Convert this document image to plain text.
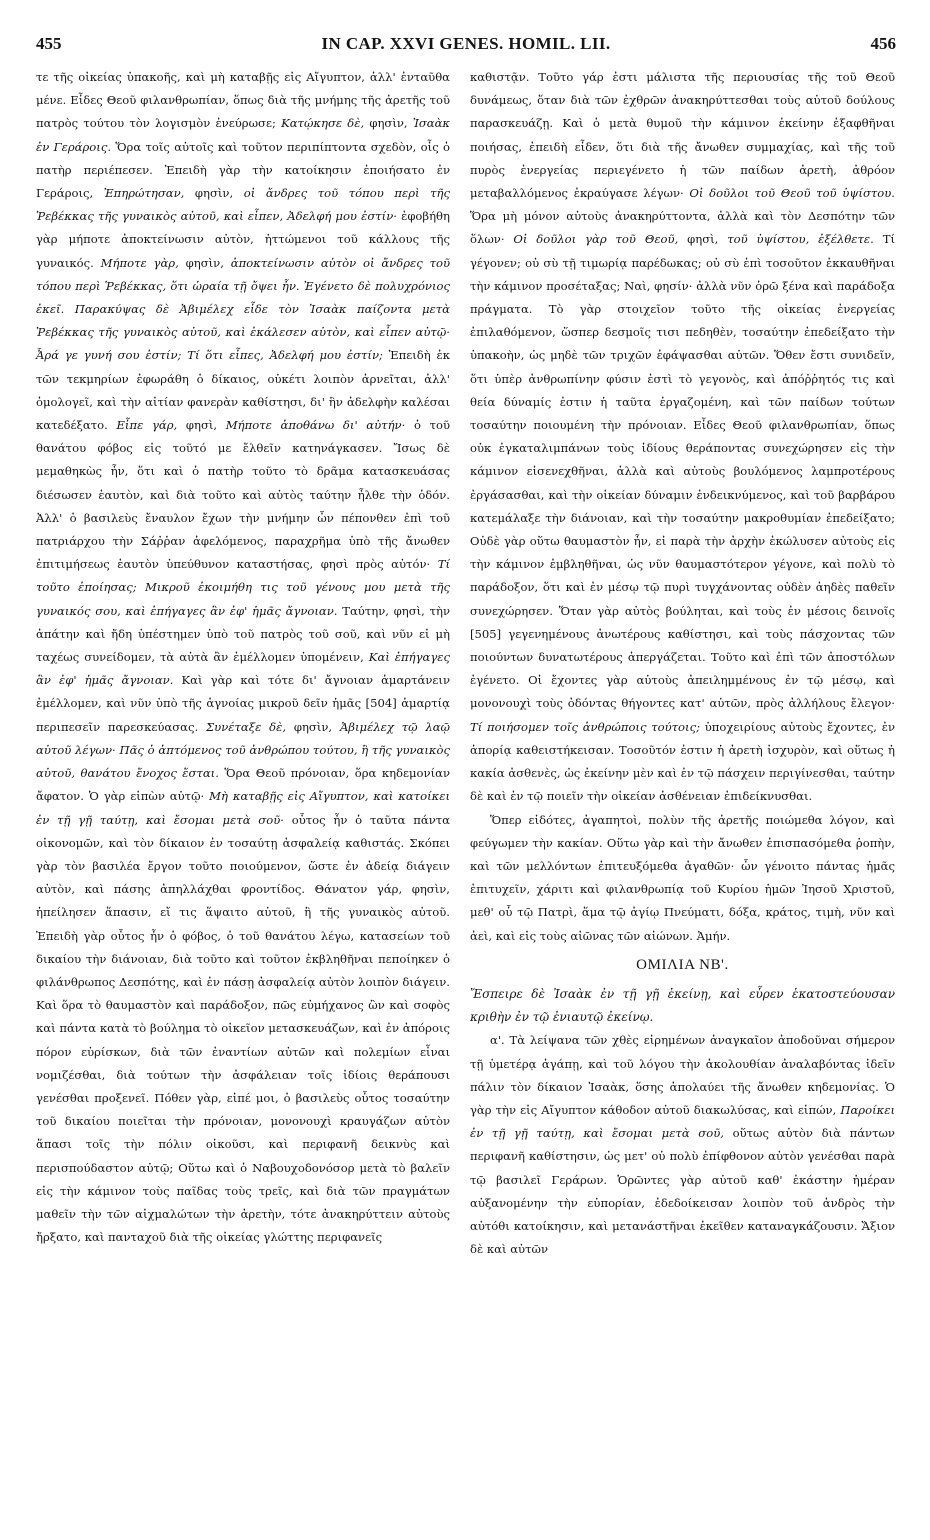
455	IN CAP. XXVI GENES. HOMIL. LII.	456

τε τῆς οἰκείας ὑπακοῆς, καὶ μὴ καταβῇς εἰς Αἴγυπτον, ἀλλ' ἐνταῦθα μένε. Εἶδες Θεοῦ φιλανθρωπίαν, ὅπως διὰ τῆς μνήμης τῆς ἀρετῆς τοῦ πατρὸς τούτου τὸν λογισμὸν ἐνεύρωσε; Κατῴκησε δὲ, φησὶν, Ἰσαὰκ ἐν Γεράροις. Ὅρα τοῖς αὐτοῖς καὶ τοῦτον περιπίπτοντα σχεδὸν, οἷς ὁ πατὴρ περιέπεσεν. Ἐπειδὴ γὰρ τὴν κατοίκησιν ἐποιήσατο ἐν Γεράροις, Ἐπηρώτησαν, φησὶν, οἱ ἄνδρες τοῦ τόπου περὶ τῆς Ῥεβέκκας τῆς γυναικὸς αὐτοῦ, καὶ εἶπεν, Ἀδελφή μου ἐστίν· ἐφοβήθη γὰρ μήποτε ἀποκτείνωσιν αὐτὸν, ἡττώμενοι τοῦ κάλλους τῆς γυναικός. Μήποτε γὰρ, φησὶν, ἀποκτείνωσιν αὐτὸν οἱ ἄνδρες τοῦ τόπου περὶ Ῥεβέκκας, ὅτι ὡραία τῇ ὄψει ἦν. Ἐγένετο δὲ πολυχρόνιος ἐκεῖ. Παρακύψας δὲ Ἀβιμέλεχ εἶδε τὸν Ἰσαὰκ παίζοντα μετὰ Ῥεβέκκας τῆς γυναικὸς αὐτοῦ, καὶ ἐκάλεσεν αὐτὸν, καὶ εἶπεν αὐτῷ· Ἆρά γε γυνή σου ἐστίν; Τί ὅτι εἶπες, Ἀδελφή μου ἐστίν; Ἐπειδὴ ἐκ τῶν τεκμηρίων ἐφωράθη ὁ δίκαιος, οὐκέτι λοιπὸν ἀρνεῖται, ἀλλ' ὁμολογεῖ, καὶ τὴν αἰτίαν φανερὰν καθίστησι, δι' ἣν ἀδελφὴν καλέσαι κατεδέξατο. Εἶπε γάρ, φησὶ, Μήποτε ἀποθάνω δι' αὐτήν· ὁ τοῦ θανάτου φόβος εἰς τοῦτό με ἔλθεῖν κατηνάγκασεν. Ἴσως δὲ μεμαθηκὼς ἦν, ὅτι καὶ ὁ πατὴρ τοῦτο τὸ δρᾶμα κατασκευάσας διέσωσεν ἑαυτὸν, καὶ διὰ τοῦτο καὶ αὐτὸς ταύτην ἦλθε τὴν ὁδόν. Ἀλλ' ὁ βασιλεὺς ἔναυλον ἔχων τὴν μνήμην ὧν πέπονθεν ἐπὶ τοῦ πατριάρχου τὴν Σάῤῥαν ἀφελόμενος, παραχρῆμα ὑπὸ τῆς ἄνωθεν ἐπιτιμήσεως ἑαυτὸν ὑπεύθυνον καταστήσας, φησὶ πρὸς αὐτόν· Τί τοῦτο ἐποίησας; Μικροῦ ἐκοιμήθη τις τοῦ γένους μου μετὰ τῆς γυναικός σου, καὶ ἐπήγαγες ἂν ἐφ' ἡμᾶς ἄγνοιαν. Ταύτην, φησὶ, τὴν ἀπάτην καὶ ἤδη ὑπέστημεν ὑπὸ τοῦ πατρὸς τοῦ σοῦ, καὶ νῦν εἰ μὴ ταχέως συνείδομεν, τὰ αὐτὰ ἂν ἐμέλλομεν ὑπομένειν, Καὶ ἐπήγαγες ἂν ἐφ' ἡμᾶς ἄγνοιαν. Καὶ γὰρ καὶ τότε δι' ἄγνοιαν ἁμαρτάνειν ἐμέλλομεν, καὶ νῦν ὑπὸ τῆς ἀγνοίας μικροῦ δεῖν ἡμᾶς [504] ἁμαρτίᾳ περιπεσεῖν παρεσκεύασας. Συνέταξε δὲ, φησὶν, Ἀβιμέλεχ τῷ λαῷ αὐτοῦ λέγων· Πᾶς ὁ ἁπτόμενος τοῦ ἀνθρώπου τούτου, ἢ τῆς γυναικὸς αὐτοῦ, θανάτου ἔνοχος ἔσται. Ὅρα Θεοῦ πρόνοιαν, ὅρα κηδεμονίαν ἄφατον. Ὁ γὰρ εἰπὼν αὐτῷ· Μὴ καταβῇς εἰς Αἴγυπτον, καὶ κατοίκει ἐν τῇ γῇ ταύτῃ, καὶ ἔσομαι μετὰ σοῦ· οὗτος ἦν ὁ ταῦτα πάντα οἰκονομῶν, καὶ τὸν δίκαιον ἐν τοσαύτῃ ἀσφαλείᾳ καθιστάς. Σκόπει γὰρ τὸν βασιλέα ἔργον τοῦτο ποιούμενον, ὥστε ἐν ἀδείᾳ διάγειν αὐτὸν, καὶ πάσης ἀπηλλάχθαι φροντίδος. Θάνατον γάρ, φησὶν, ἠπείλησεν ἅπασιν, εἴ τις ἅψαιτο αὐτοῦ, ἢ τῆς γυναικὸς αὐτοῦ. Ἐπειδὴ γὰρ οὗτος ἦν ὁ φόβος, ὁ τοῦ θανάτου λέγω, κατασείων τοῦ δικαίου τὴν διάνοιαν, διὰ τοῦτο καὶ τοῦτον ἐκβληθῆναι πεποίηκεν ὁ φιλάνθρωπος Δεσπότης, καὶ ἐν πάσῃ ἀσφαλείᾳ αὐτὸν λοιπὸν διάγειν. Καὶ ὅρα τὸ θαυμαστὸν καὶ παράδοξον, πῶς εὐμήχανος ὢν καὶ σοφὸς καὶ πάντα κατὰ τὸ βούλημα τὸ οἰκεῖον μετασκευάζων, καὶ ἐν ἀπόροις πόρον εὑρίσκων, διὰ τῶν ἐναντίων αὐτῶν καὶ πολεμίων εἶναι νομιζέσθαι, διὰ τούτων τὴν ἀσφάλειαν τοῖς ἰδίοις θεράπουσι γενέσθαι προξενεῖ. Πόθεν γὰρ, εἰπέ μοι, ὁ βασιλεὺς οὗτος τοσαύτην τοῦ δικαίου ποιεῖται τὴν πρόνοιαν, μονονουχὶ κραυγάζων αὐτὸν ἅπασι τοῖς τὴν πόλιν οἰκοῦσι, καὶ περιφανῆ δεικνὺς καὶ περισπούδαστον αὐτῷ; Οὕτω καὶ ὁ Ναβουχοδονόσορ μετὰ τὸ βαλεῖν εἰς τὴν κάμινον τοὺς παῖδας τοὺς τρεῖς, καὶ διὰ τῶν πραγμάτων μαθεῖν τὴν τῶν αἰχμαλώτων τὴν ἀρετὴν, τότε ἀνακηρύττειν αὐτοὺς ἤρξατο, καὶ πανταχοῦ διὰ τῆς οἰκείας γλώττης περιφανεῖς

καθιστᾷν. Τοῦτο γάρ ἐστι μάλιστα τῆς περιουσίας τῆς τοῦ Θεοῦ δυνάμεως, ὅταν διὰ τῶν ἐχθρῶν ἀνακηρύττεσθαι τοὺς αὐτοῦ δούλους παρασκευάζῃ. Καὶ ὁ μετὰ θυμοῦ τὴν κάμινον ἐκείνην ἐξαφθῆναι ποιήσας, ἐπειδὴ εἶδεν, ὅτι διὰ τῆς ἄνωθεν συμμαχίας, καὶ τῆς τοῦ πυρὸς ἐνεργείας περιεγένετο ἡ τῶν παίδων ἀρετὴ, ἀθρόον μεταβαλλόμενος ἐκραύγασε λέγων· Οἱ δοῦλοι τοῦ Θεοῦ τοῦ ὑψίστου. Ὅρα μὴ μόνον αὐτοὺς ἀνακηρύττοντα, ἀλλὰ καὶ τὸν Δεσπότην τῶν ὅλων· Οἱ δοῦλοι γὰρ τοῦ Θεοῦ, φησὶ, τοῦ ὑψίστου, ἐξέλθετε. Τί γέγονεν; οὐ σὺ τῇ τιμωρίᾳ παρέδωκας; οὐ σὺ ἐπὶ τοσοῦτον ἐκκαυθῆναι τὴν κάμινον προσέταξας; Ναὶ, φησίν· ἀλλὰ νῦν ὁρῶ ξένα καὶ παράδοξα πράγματα. Τὸ γὰρ στοιχεῖον τοῦτο τῆς οἰκείας ἐνεργείας ἐπιλαθόμενον, ὥσπερ δεσμοῖς τισι πεδηθὲν, τοσαύτην ἐπεδείξατο τὴν ὑπακοὴν, ὡς μηδὲ τῶν τριχῶν ἐφάψασθαι αὐτῶν. Ὅθεν ἔστι συνιδεῖν, ὅτι ὑπὲρ ἀνθρωπίνην φύσιν ἐστὶ τὸ γεγονὸς, καὶ ἀπόῤῥητός τις καὶ θεία δύναμίς ἐστιν ἡ ταῦτα ἐργαζομένη, καὶ τῶν παίδων τούτων τοσαύτην ποιουμένη τὴν πρόνοιαν. Εἶδες Θεοῦ φιλανθρωπίαν, ὅπως οὐκ ἐγκαταλιμπάνων τοὺς ἰδίους θεράποντας συνεχώρησεν εἰς τὴν κάμινον εἰσενεχθῆναι, ἀλλὰ καὶ αὐτοὺς βουλόμενος λαμπροτέρους ἐργάσασθαι, καὶ τὴν οἰκείαν δύναμιν ἐνδεικνύμενος, καὶ τοῦ βαρβάρου κατεμάλαξε τὴν διάνοιαν, καὶ τὴν τοσαύτην μακροθυμίαν ἐπεδείξατο; Οὐδὲ γὰρ οὕτω θαυμαστὸν ἦν, εἰ παρὰ τὴν ἀρχὴν ἐκώλυσεν αὐτοὺς εἰς τὴν κάμινον ἐμβληθῆναι, ὡς νῦν θαυμαστότερον γέγονε, καὶ πολὺ τὸ παράδοξον, ὅτι καὶ ἐν μέσῳ τῷ πυρὶ τυγχάνοντας οὐδὲν ἀηδὲς παθεῖν συνεχώρησεν. Ὅταν γὰρ αὐτὸς βούληται, καὶ τοὺς ἐν μέσοις δεινοῖς [505] γεγενημένους ἀνωτέρους καθίστησι, καὶ τοὺς πάσχοντας τῶν ποιούντων δυνατωτέρους ἀπεργάζεται. Τοῦτο καὶ ἐπὶ τῶν ἀποστόλων ἐγένετο. Οἱ ἔχοντες γὰρ αὐτοὺς ἀπειλημμένους ἐν τῷ μέσῳ, καὶ μονονουχὶ τοὺς ὀδόντας θήγοντες κατ' αὐτῶν, πρὸς ἀλλήλους ἔλεγον· Τί ποιήσομεν τοῖς ἀνθρώποις τούτοις; ὑποχειρίους αὐτοὺς ἔχοντες, ἐν ἀπορίᾳ καθειστήκεισαν. Τοσοῦτόν ἐστιν ἡ ἀρετὴ ἰσχυρὸν, καὶ οὕτως ἡ κακία ἀσθενὲς, ὡς ἐκείνην μὲν καὶ ἐν τῷ πάσχειν περιγίνεσθαι, ταύτην δὲ καὶ ἐν τῷ ποιεῖν τὴν οἰκείαν ἀσθένειαν ἐπιδείκνυσθαι.

Ὅπερ εἰδότες, ἀγαπητοὶ, πολὺν τῆς ἀρετῆς ποιώμεθα λόγον, καὶ φεύγωμεν τὴν κακίαν. Οὕτω γὰρ καὶ τὴν ἄνωθεν ἐπισπασόμεθα ῥοπὴν, καὶ τῶν μελλόντων ἐπιτευξόμεθα ἀγαθῶν· ὧν γένοιτο πάντας ἡμᾶς ἐπιτυχεῖν, χάριτι καὶ φιλανθρωπίᾳ τοῦ Κυρίου ἡμῶν Ἰησοῦ Χριστοῦ, μεθ' οὗ τῷ Πατρὶ, ἅμα τῷ ἁγίῳ Πνεύματι, δόξα, κράτος, τιμὴ, νῦν καὶ ἀεὶ, καὶ εἰς τοὺς αἰῶνας τῶν αἰώνων. Ἀμήν.

ΟΜΙΛΙΑ ΝΒ'.

Ἔσπειρε δὲ Ἰσαὰκ ἐν τῇ γῇ ἐκείνῃ, καὶ εὗρεν ἑκατοστεύουσαν κριθὴν ἐν τῷ ἐνιαυτῷ ἐκείνῳ.

α'. Τὰ λείψανα τῶν χθὲς εἰρημένων ἀναγκαῖον ἀποδοῦναι σήμερον τῇ ὑμετέρᾳ ἀγάπῃ, καὶ τοῦ λόγου τὴν ἀκολουθίαν ἀναλαβόντας ἰδεῖν πάλιν τὸν δίκαιον Ἰσαὰκ, ὅσης ἀπολαύει τῆς ἄνωθεν κηδεμονίας. Ὁ γὰρ τὴν εἰς Αἴγυπτον κάθοδον αὐτοῦ διακωλύσας, καὶ εἰπών, Παροίκει ἐν τῇ γῇ ταύτῃ, καὶ ἔσομαι μετὰ σοῦ, οὕτως αὐτὸν διὰ πάντων περιφανῆ καθίστησιν, ὡς μετ' οὐ πολὺ ἐπίφθονον αὐτὸν γενέσθαι παρὰ τῷ βασιλεῖ Γεράρων. Ὁρῶντες γὰρ αὐτοῦ καθ' ἑκάστην ἡμέραν αὐξανομένην τὴν εὐπορίαν, ἐδεδοίκεισαν λοιπὸν τοῦ ἀνδρὸς τὴν αὐτόθι κατοίκησιν, καὶ μετανάστῆναι ἐκεῖθεν καταναγκάζουσιν. Ἄξιον δὲ καὶ αὐτῶν
